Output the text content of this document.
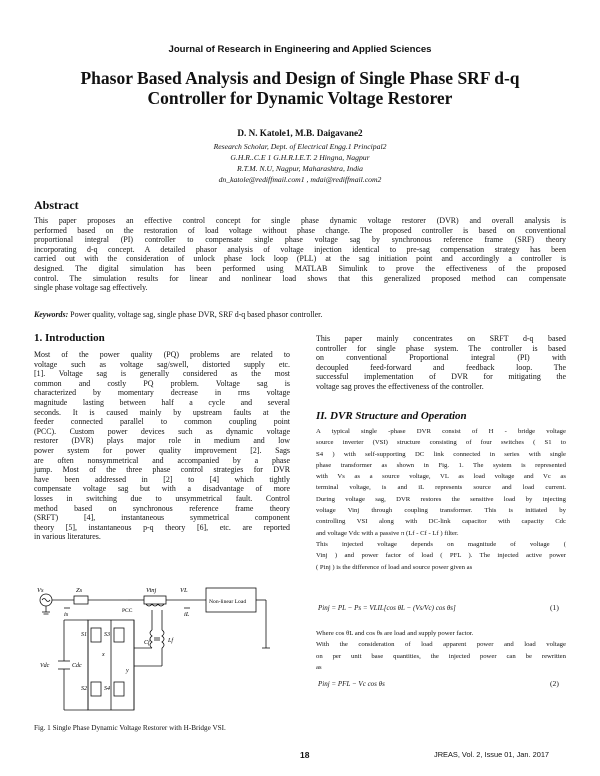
Journal of Research in Engineering and Applied Sciences
Phasor Based Analysis and Design of Single Phase SRF d-q
Controller for Dynamic Voltage Restorer
D. N. Katole1, M.B. Daigavane2
Research Scholar, Dept. of Electrical Engg.1 Principal2
G.H.R..C.E 1 G.H.R.I.E.T. 2 Hingna, Nagpur
R.T.M. N.U, Nagpur, Maharashtra, India
dn_katole@rediffmail.com1 , mdai@rediffmail.com2
Abstract

This paper proposes an effective control concept for single phase dynamic voltage restorer (DVR) and overall analysis is

performed based on the restoration of load voltage without phase change. The proposed controller is based on conventional

proportional integral (PI) controller to compensate single phase voltage sag by synchronous reference frame (SRF) theory

incorporating d-q concept. A detailed phasor analysis of voltage injection identical to pre-sag compensation strategy has been

carried out with the consideration of unlock phase lock loop (PLL) at the sag initiation point and accordingly a controller is

designed. The digital simulation has been performed using MATLAB Simulink to prove the effectiveness of the proposed

control. The simulation results for linear and nonlinear load shows that this generalized proposed method can compensate

single phase voltage sag effectively.

Keywords: Power quality, voltage sag, single phase DVR, SRF d-q based phasor controller.
1. Introduction

Most of the power quality (PQ) problems are related to

voltage such as voltage sag/swell, distorted supply etc.

[1]. Voltage sag is generally considered as the most

common and costly PQ problem. Voltage sag is

characterized by momentary decrease in rms voltage

magnitude lasting between half a cycle and several

seconds. It is caused mainly by upstream faults at the

feeder connected parallel to common coupling point

(PCC). Custom power devices such as dynamic voltage

restorer (DVR) plays major role in medium and low

power system for power quality improvement [2]. Sags

are often nonsymmetrical and accompanied by a phase

jump. Most of the three phase control strategies for DVR

have been addressed in [2] to [4] which tightly

compensate voltage sag but with a disadvantage of more

losses in switching due to unsymmetrical fault. Control

method based on synchronous reference frame theory

(SRFT) [4], instantaneous symmetrical component

theory [5], instantaneous p-q theory [6], etc. are reported

in various literatures.

Vs	Zs
is	PCC
Vinj	VL
iL
Non-linear Load
S1	S3
S2	S4
Lf
Cf
Vdc	Cdc
x
y
Fig. 1 Single Phase Dynamic Voltage Restorer with H-Bridge VSI.

This paper mainly concentrates on SRFT d-q based

controller for single phase system. The controller is based

on conventional Proportional integral (PI) with

decoupled feed-forward and feedback loop. The

successful implementation of DVR for mitigating the

voltage sag proves the effectiveness of the controller.

II. DVR Structure and Operation

A typical single -phase DVR consist of H - bridge voltage

source inverter (VSI) structure consisting of four switches ( S1 to

S4 ) with self-supporting DC link connected in series with single

phase transformer as shown in Fig. 1. The system is represented

with Vs as a source voltage, VL as load voltage and Vc as

terminal voltage, is and iL represents source and load current.

During voltage sag, DVR restores the sensitive load by injecting

voltage Vinj through coupling transformer. This is initiated by

controlling VSI along with DC-link capacitor with capacity Cdc

and voltage Vdc with a passive π (Lf - Cf - Lf ) filter.

This injected voltage depends on magnitude of voltage (

Vinj ) and power factor of load ( PFL ). The injected active power

( Pinj ) is the difference of load and source power given as

Pinj = PL − Ps = VLIL[cos θL − (Vs/Vc) cos θs]	(1)

Where cos θL and cos θs are load and supply power factor.

With the consideration of load apparent power and load voltage

on per unit base quantities, the injected power can be rewritten

as

Pinj = PFL − Vc cos θs	(2)
18	JREAS, Vol. 2, Issue 01, Jan. 2017
